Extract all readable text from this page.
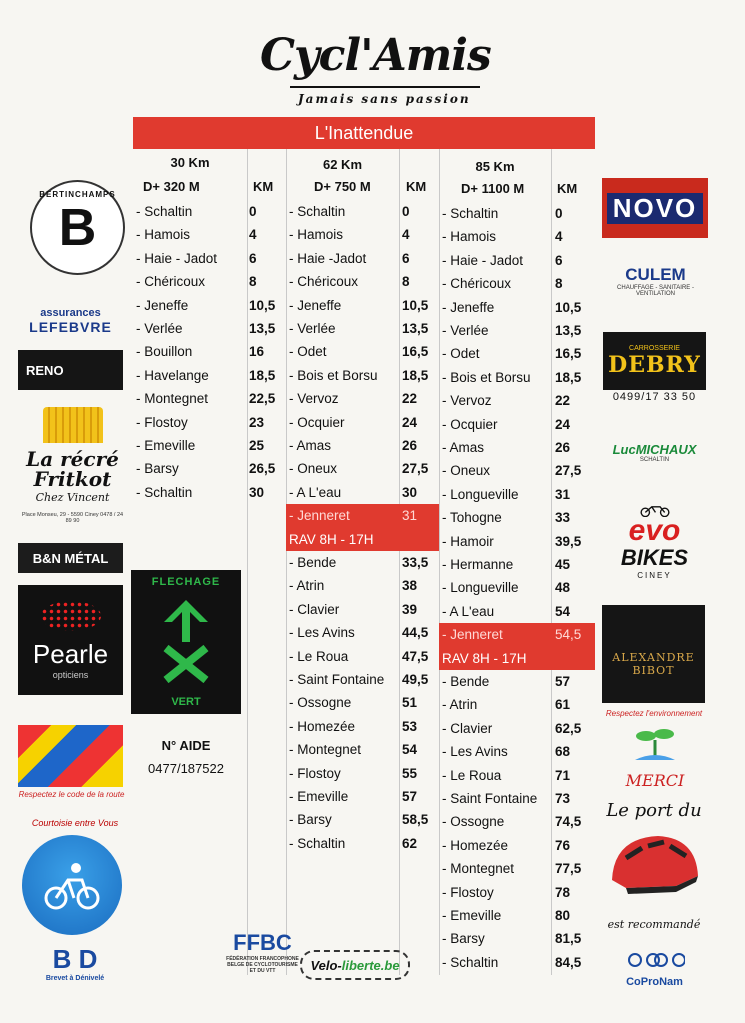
Cycl'Amis
Jamais sans passion
L'Inattendue
30 Km
D+ 320 M	KM
- Schaltin	0
- Hamois	4
- Haie - Jadot 6
- Chéricoux	8
- Jeneffe	10,5
- Verlée	13,5
- Bouillon	16
- Havelange	18,5
- Montegnet	22,5
- Flostoy	23
- Emeville	25
- Barsy	26,5
- Schaltin	30
62 Km
D+ 750 M	KM
- Schaltin	0
- Hamois	4
- Haie -Jadot	6
- Chéricoux	8
- Jeneffe	10,5
- Verlée	13,5
- Odet	16,5
- Bois et Borsu 18,5
- Vervoz	22
- Ocquier	24
- Amas	26
- Oneux	27,5
- A L'eau	30
- Jenneret	31
RAV 8H - 17H
- Bende	33,5
- Atrin	38
- Clavier	39
- Les Avins	44,5
- Le Roua	47,5
- Saint Fontaine 49,5
- Ossogne	51
- Homezée	53
- Montegnet	54
- Flostoy	55
- Emeville	57
- Barsy	58,5
- Schaltin	62
85 Km
D+ 1100 M	KM
- Schaltin	0
- Hamois	4
- Haie - Jadot 6
- Chéricoux	8
- Jeneffe	10,5
- Verlée	13,5
- Odet	16,5
- Bois et Borsu 18,5
- Vervoz	22
- Ocquier	24
- Amas	26
- Oneux	27,5
- Longueville	31
- Tohogne	33
- Hamoir	39,5
- Hermanne	45
- Longueville	48
- A L'eau	54
- Jenneret	54,5
RAV 8H - 17H
- Bende	57
- Atrin	61
- Clavier	62,5
- Les Avins	68
- Le Roua	71
- Saint Fontaine 73
- Ossogne	74,5
- Homezée	76
- Montegnet	77,5
- Flostoy	78
- Emeville	80
- Barsy	81,5
- Schaltin	84,5
FLECHAGE
VERT
N° AIDE
0477/187522
BERTINCHAMPS
B
assurances
LEFEBVRE
RENO
La récré
Fritkot
Chez Vincent
Place Monseu, 29 - 5590 Ciney 0478 / 24 89 90
B&N MÉTAL
Pearle
opticiens
Respectez le code de la route
Courtoisie entre Vous
B D
Brevet à Dénivelé
FFBC
FÉDÉRATION FRANCOPHONE BELGE DE CYCLOTOURISME ET DU VTT	Velo- liberte.be
NOVO
CULEM
CHAUFFAGE - SANITAIRE - VENTILATION
CARROSSERIE
DEBRY
0499/17 33 50
LucMICHAUX
SCHALTIN
evo
BIKES
CINEY
ALEXANDRE
BIBOT
Respectez l'environnement
MERCI
Le port du
est recommandé
CoProNam
